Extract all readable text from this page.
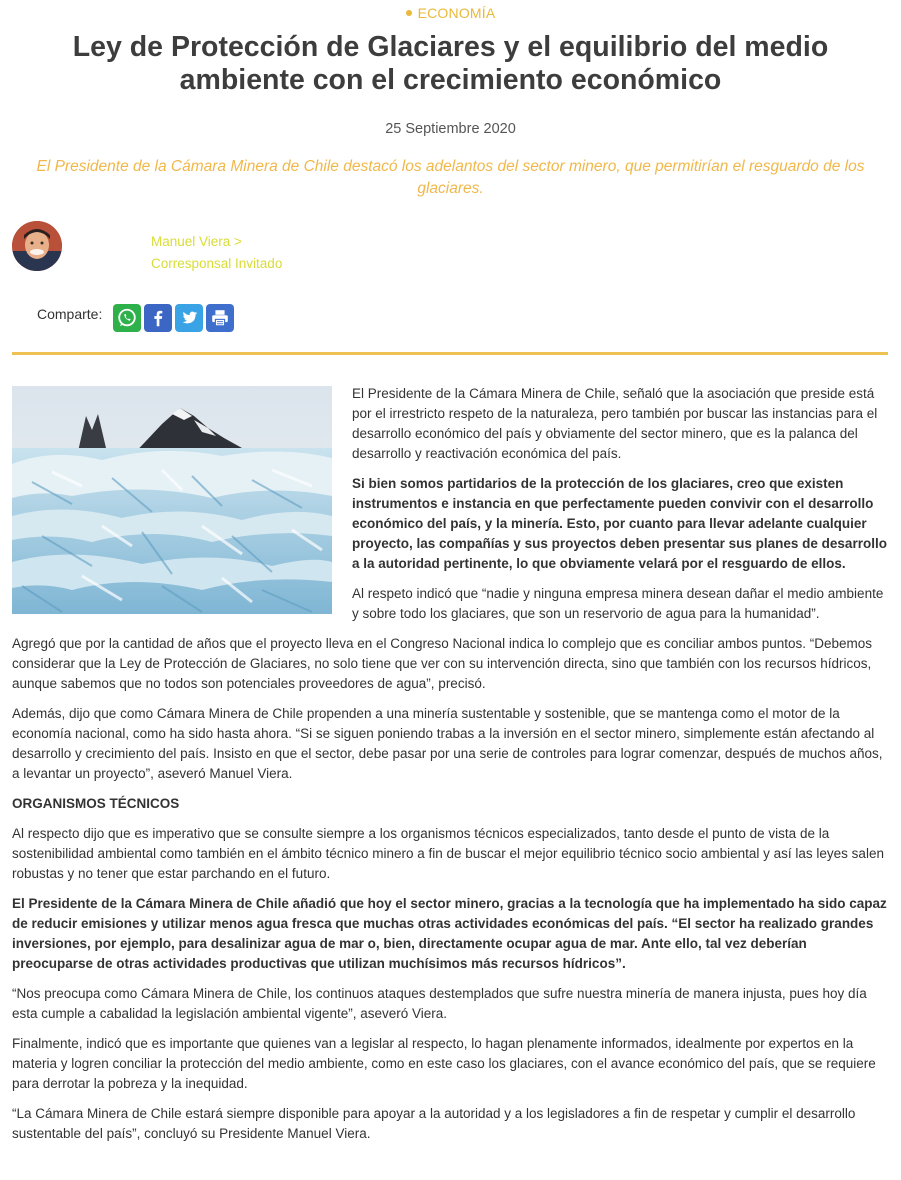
ECONOMÍA
Ley de Protección de Glaciares y el equilibrio del medio ambiente con el crecimiento económico
25 Septiembre 2020

El Presidente de la Cámara Minera de Chile destacó los adelantos del sector minero, que permitirían el resguardo de los glaciares.

Manuel Viera >
Corresponsal Invitado
Comparte:

El Presidente de la Cámara Minera de Chile, señaló que la asociación que preside está por el irrestricto respeto de la naturaleza, pero también por buscar las instancias para el desarrollo económico del país y obviamente del sector minero, que es la palanca del desarrollo y reactivación económica del país.

Si bien somos partidarios de la protección de los glaciares, creo que existen instrumentos e instancia en que perfectamente pueden convivir con el desarrollo económico del país, y la minería. Esto, por cuanto para llevar adelante cualquier proyecto, las compañías y sus proyectos deben presentar sus planes de desarrollo a la autoridad pertinente, lo que obviamente velará por el resguardo de ellos.

Al respeto indicó que “nadie y ninguna empresa minera desean dañar el medio ambiente y sobre todo los glaciares, que son un reservorio de agua para la humanidad”.

Agregó que por la cantidad de años que el proyecto lleva en el Congreso Nacional indica lo complejo que es conciliar ambos puntos. “Debemos considerar que la Ley de Protección de Glaciares, no solo tiene que ver con su intervención directa, sino que también con los recursos hídricos, aunque sabemos que no todos son potenciales proveedores de agua”, precisó.

Además, dijo que como Cámara Minera de Chile propenden a una minería sustentable y sostenible, que se mantenga como el motor de la economía nacional, como ha sido hasta ahora. “Si se siguen poniendo trabas a la inversión en el sector minero, simplemente están afectando al desarrollo y crecimiento del país. Insisto en que el sector, debe pasar por una serie de controles para lograr comenzar, después de muchos años, a levantar un proyecto”, aseveró Manuel Viera.

ORGANISMOS TÉCNICOS

Al respecto dijo que es imperativo que se consulte siempre a los organismos técnicos especializados, tanto desde el punto de vista de la sostenibilidad ambiental como también en el ámbito técnico minero a fin de buscar el mejor equilibrio técnico socio ambiental y así las leyes salen robustas y no tener que estar parchando en el futuro.

El Presidente de la Cámara Minera de Chile añadió que hoy el sector minero, gracias a la tecnología que ha implementado ha sido capaz de reducir emisiones y utilizar menos agua fresca que muchas otras actividades económicas del país. “El sector ha realizado grandes inversiones, por ejemplo, para desalinizar agua de mar o, bien, directamente ocupar agua de mar. Ante ello, tal vez deberían preocuparse de otras actividades productivas que utilizan muchísimos más recursos hídricos”.

“Nos preocupa como Cámara Minera de Chile, los continuos ataques destemplados que sufre nuestra minería de manera injusta, pues hoy día esta cumple a cabalidad la legislación ambiental vigente”, aseveró Viera.

Finalmente, indicó que es importante que quienes van a legislar al respecto, lo hagan plenamente informados, idealmente por expertos en la materia y logren conciliar la protección del medio ambiente, como en este caso los glaciares, con el avance económico del país, que se requiere para derrotar la pobreza y la inequidad.

“La Cámara Minera de Chile estará siempre disponible para apoyar a la autoridad y a los legisladores a fin de respetar y cumplir el desarrollo sustentable del país”, concluyó su Presidente Manuel Viera.
